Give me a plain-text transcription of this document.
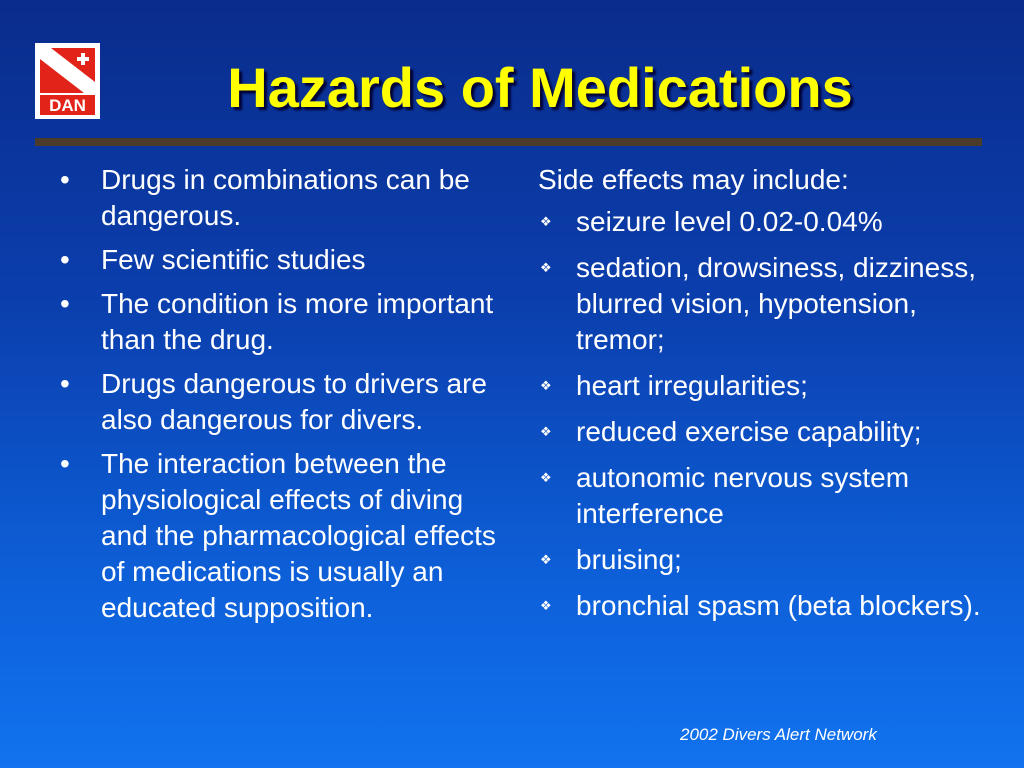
DAN	Hazards of Medications
• Drugs in combinations can be dangerous.
• Few scientific studies
• The condition is more important than the drug.
• Drugs dangerous to drivers are also dangerous for divers.
• The interaction between the physiological effects of diving and the pharmacological effects of medications is usually an educated supposition.
Side effects may include:
❖ seizure level 0.02-0.04%
❖ sedation, drowsiness, dizziness, blurred vision, hypotension, tremor;
❖ heart irregularities;
❖ reduced exercise capability;
❖ autonomic nervous system interference
❖ bruising;
❖ bronchial spasm (beta blockers).
2002 Divers Alert Network
